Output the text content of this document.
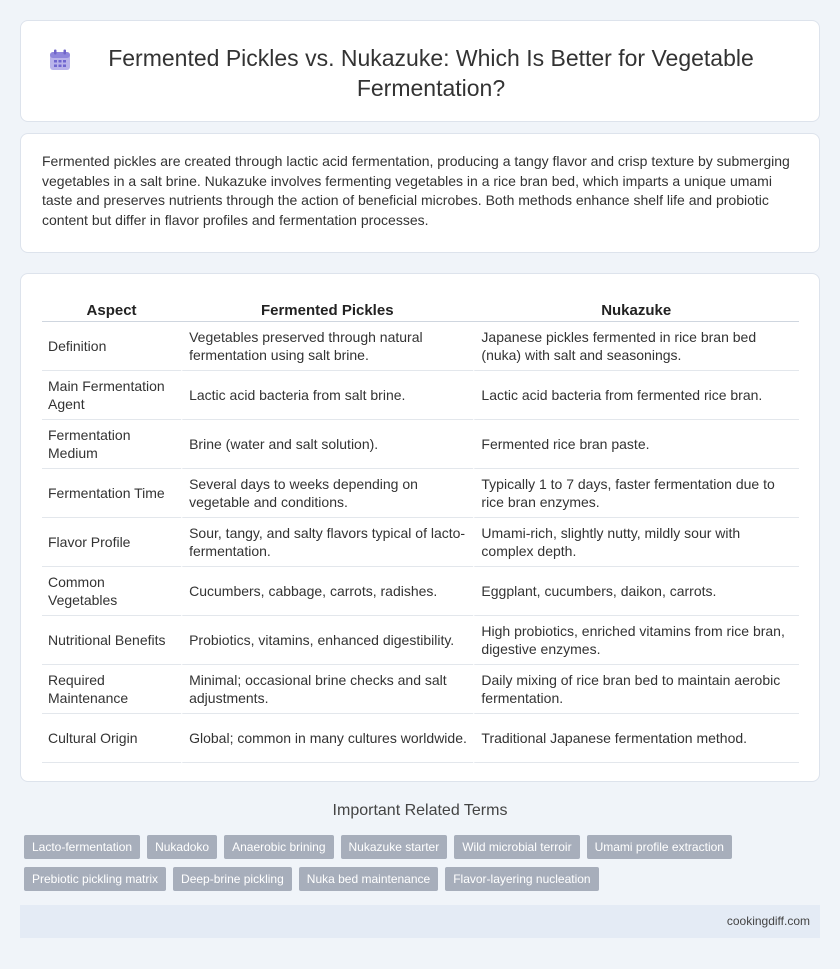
Fermented Pickles vs. Nukazuke: Which Is Better for Vegetable Fermentation?

Fermented pickles are created through lactic acid fermentation, producing a tangy flavor and crisp texture by submerging vegetables in a salt brine. Nukazuke involves fermenting vegetables in a rice bran bed, which imparts a unique umami taste and preserves nutrients through the action of beneficial microbes. Both methods enhance shelf life and probiotic content but differ in flavor profiles and fermentation processes.

Aspect	Fermented Pickles	Nukazuke
Definition	Vegetables preserved through natural fermentation using salt brine.	Japanese pickles fermented in rice bran bed (nuka) with salt and seasonings.
Main Fermentation Agent	Lactic acid bacteria from salt brine.	Lactic acid bacteria from fermented rice bran.
Fermentation Medium	Brine (water and salt solution).	Fermented rice bran paste.
Fermentation Time	Several days to weeks depending on vegetable and conditions.	Typically 1 to 7 days, faster fermentation due to rice bran enzymes.
Flavor Profile	Sour, tangy, and salty flavors typical of lacto-fermentation.	Umami-rich, slightly nutty, mildly sour with complex depth.
Common Vegetables	Cucumbers, cabbage, carrots, radishes.	Eggplant, cucumbers, daikon, carrots.
Nutritional Benefits	Probiotics, vitamins, enhanced digestibility.	High probiotics, enriched vitamins from rice bran, digestive enzymes.
Required Maintenance	Minimal; occasional brine checks and salt adjustments.	Daily mixing of rice bran bed to maintain aerobic fermentation.
Cultural Origin	Global; common in many cultures worldwide.	Traditional Japanese fermentation method.
Important Related Terms
Lacto-fermentation	Nukadoko	Anaerobic brining	Nukazuke starter	Wild microbial terroir	Umami profile extraction
Prebiotic pickling matrix	Deep-brine pickling	Nuka bed maintenance	Flavor-layering nucleation
cookingdiff.com
